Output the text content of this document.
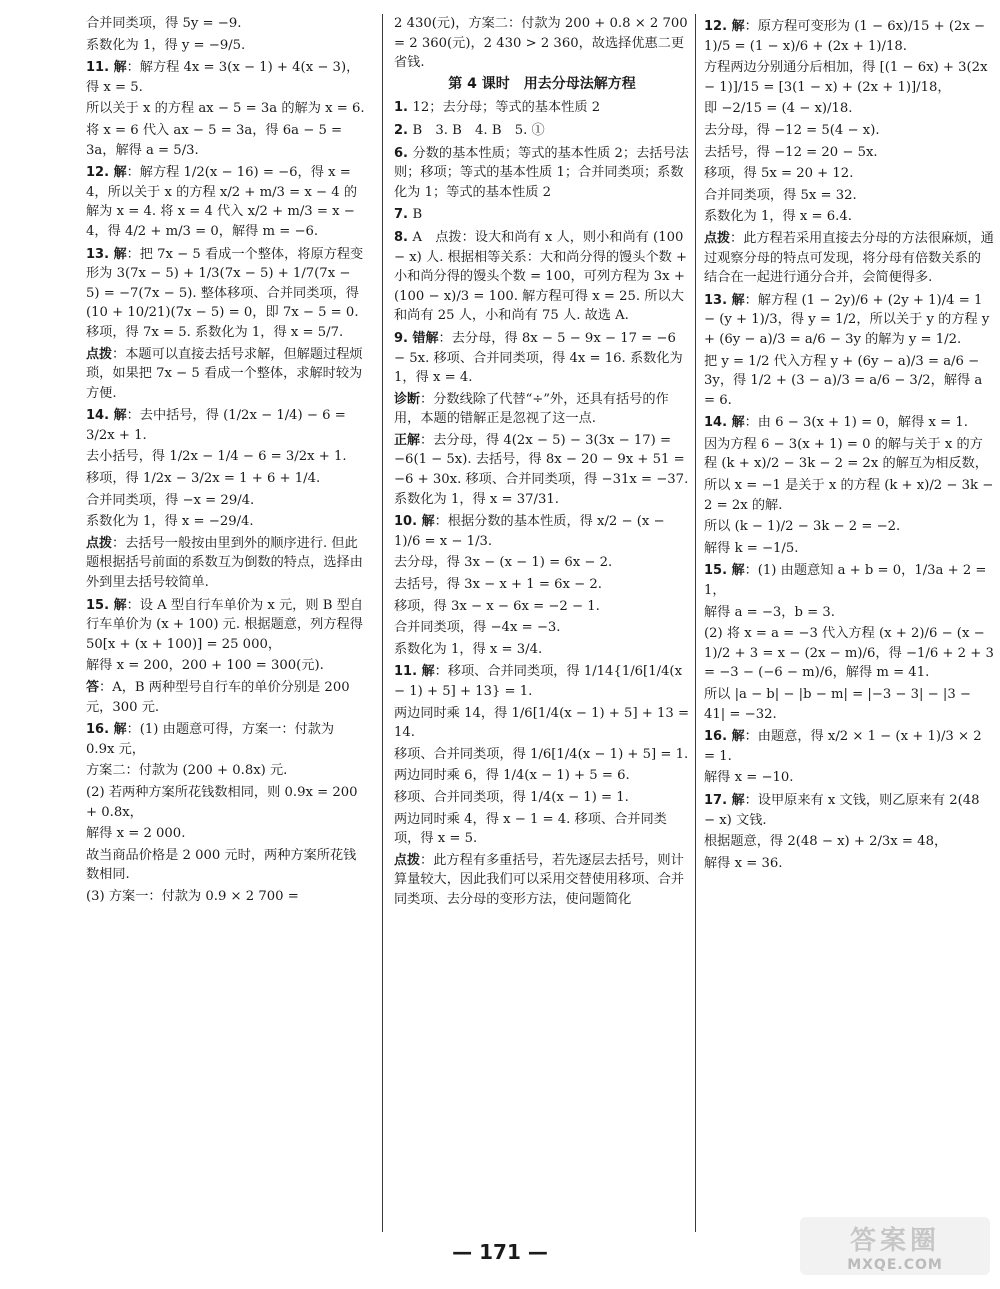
合并同类项，得 5y = −9.
系数化为 1，得 y = −9/5.
11. 解：解方程 4x = 3(x − 1) + 4(x − 3)，得 x = 5.
所以关于 x 的方程 ax − 5 = 3a 的解为 x = 6.
将 x = 6 代入 ax − 5 = 3a，得 6a − 5 = 3a，解得 a = 5/3.
12. 解：解方程 1/2(x − 16) = −6，得 x = 4，所以关于 x 的方程 x/2 + m/3 = x − 4 的解为 x = 4. 将 x = 4 代入 x/2 + m/3 = x − 4，得 4/2 + m/3 = 0，解得 m = −6.
13. 解：把 7x − 5 看成一个整体，将原方程变形为 3(7x − 5) + 1/3(7x − 5) + 1/7(7x − 5) = −7(7x − 5). 整体移项、合并同类项，得 (10 + 10/21)(7x − 5) = 0，即 7x − 5 = 0. 移项，得 7x = 5. 系数化为 1，得 x = 5/7.
点拨：本题可以直接去括号求解，但解题过程烦琐，如果把 7x − 5 看成一个整体，求解时较为方便.
14. 解：去中括号，得 (1/2x − 1/4) − 6 = 3/2x + 1.
去小括号，得 1/2x − 1/4 − 6 = 3/2x + 1.
移项，得 1/2x − 3/2x = 1 + 6 + 1/4.
合并同类项，得 −x = 29/4.
系数化为 1，得 x = −29/4.
点拨：去括号一般按由里到外的顺序进行. 但此题根据括号前面的系数互为倒数的特点，选择由外到里去括号较简单.
15. 解：设 A 型自行车单价为 x 元，则 B 型自行车单价为 (x + 100) 元. 根据题意，列方程得 50[x + (x + 100)] = 25 000，
解得 x = 200，200 + 100 = 300(元).
答：A，B 两种型号自行车的单价分别是 200 元，300 元.
16. 解：(1) 由题意可得，方案一：付款为 0.9x 元，
方案二：付款为 (200 + 0.8x) 元.
(2) 若两种方案所花钱数相同，则 0.9x = 200 + 0.8x，
解得 x = 2 000.
故当商品价格是 2 000 元时，两种方案所花钱数相同.
(3) 方案一：付款为 0.9 × 2 700 =
2 430(元)，方案二：付款为 200 + 0.8 × 2 700 = 2 360(元)，2 430 > 2 360，故选择优惠二更省钱.
第 4 课时　用去分母法解方程
1. 12；去分母；等式的基本性质 2
2. B　3. B　4. B　5. ①
6. 分数的基本性质；等式的基本性质 2；去括号法则；移项；等式的基本性质 1；合并同类项；系数化为 1；等式的基本性质 2
7. B
8. A　点拨：设大和尚有 x 人，则小和尚有 (100 − x) 人. 根据相等关系：大和尚分得的馒头个数 + 小和尚分得的馒头个数 = 100，可列方程为 3x + (100 − x)/3 = 100. 解方程可得 x = 25. 所以大和尚有 25 人，小和尚有 75 人. 故选 A.
9. 错解：去分母，得 8x − 5 − 9x − 17 = −6 − 5x. 移项、合并同类项，得 4x = 16. 系数化为 1，得 x = 4.
诊断：分数线除了代替“÷”外，还具有括号的作用，本题的错解正是忽视了这一点.
正解：去分母，得 4(2x − 5) − 3(3x − 17) = −6(1 − 5x). 去括号，得 8x − 20 − 9x + 51 = −6 + 30x. 移项、合并同类项，得 −31x = −37. 系数化为 1，得 x = 37/31.
10. 解：根据分数的基本性质，得 x/2 − (x − 1)/6 = x − 1/3.
去分母，得 3x − (x − 1) = 6x − 2.
去括号，得 3x − x + 1 = 6x − 2.
移项，得 3x − x − 6x = −2 − 1.
合并同类项，得 −4x = −3.
系数化为 1，得 x = 3/4.
11. 解：移项、合并同类项，得 1/14{1/6[1/4(x − 1) + 5] + 13} = 1.
两边同时乘 14，得 1/6[1/4(x − 1) + 5] + 13 = 14.
移项、合并同类项，得 1/6[1/4(x − 1) + 5] = 1.
两边同时乘 6，得 1/4(x − 1) + 5 = 6.
移项、合并同类项，得 1/4(x − 1) = 1.
两边同时乘 4，得 x − 1 = 4. 移项、合并同类项，得 x = 5.
点拨：此方程有多重括号，若先逐层去括号，则计算量较大，因此我们可以采用交替使用移项、合并同类项、去分母的变形方法，使问题简化
12. 解：原方程可变形为 (1 − 6x)/15 + (2x − 1)/5 = (1 − x)/6 + (2x + 1)/18.
方程两边分别通分后相加，得 [(1 − 6x) + 3(2x − 1)]/15 = [3(1 − x) + (2x + 1)]/18，
即 −2/15 = (4 − x)/18.
去分母，得 −12 = 5(4 − x).
去括号，得 −12 = 20 − 5x.
移项，得 5x = 20 + 12.
合并同类项，得 5x = 32.
系数化为 1，得 x = 6.4.
点拨：此方程若采用直接去分母的方法很麻烦，通过观察分母的特点可发现，将分母有倍数关系的结合在一起进行通分合并，会简便得多.
13. 解：解方程 (1 − 2y)/6 + (2y + 1)/4 = 1 − (y + 1)/3，得 y = 1/2，所以关于 y 的方程 y + (6y − a)/3 = a/6 − 3y 的解为 y = 1/2.
把 y = 1/2 代入方程 y + (6y − a)/3 = a/6 − 3y，得 1/2 + (3 − a)/3 = a/6 − 3/2，解得 a = 6.
14. 解：由 6 − 3(x + 1) = 0，解得 x = 1.
因为方程 6 − 3(x + 1) = 0 的解与关于 x 的方程 (k + x)/2 − 3k − 2 = 2x 的解互为相反数，
所以 x = −1 是关于 x 的方程 (k + x)/2 − 3k − 2 = 2x 的解.
所以 (k − 1)/2 − 3k − 2 = −2.
解得 k = −1/5.
15. 解：(1) 由题意知 a + b = 0，1/3a + 2 = 1，
解得 a = −3，b = 3.
(2) 将 x = a = −3 代入方程 (x + 2)/6 − (x − 1)/2 + 3 = x − (2x − m)/6，得 −1/6 + 2 + 3 = −3 − (−6 − m)/6，解得 m = 41.
所以 |a − b| − |b − m| = |−3 − 3| − |3 − 41| = −32.
16. 解：由题意，得 x/2 × 1 − (x + 1)/3 × 2 = 1.
解得 x = −10.
17. 解：设甲原来有 x 文钱，则乙原来有 2(48 − x) 文钱.
根据题意，得 2(48 − x) + 2/3x = 48，
解得 x = 36.
— 171 —	答案圈
MXQE.COM
